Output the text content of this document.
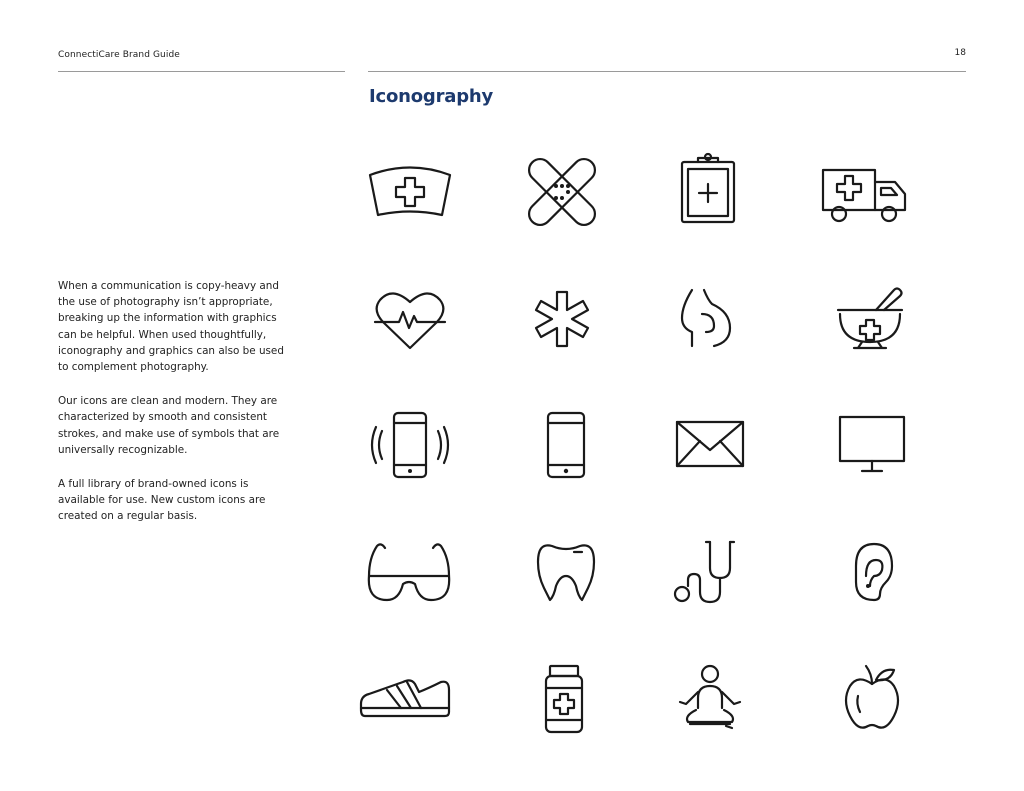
ConnectiCare Brand Guide	18
Iconography

When a communication is copy-heavy and the use of photography isn’t appropriate, breaking up the information with graphics can be helpful. When used thoughtfully, iconography and graphics can also be used to complement photography.

Our icons are clean and modern. They are characterized by smooth and consistent strokes, and make use of symbols that are universally recognizable.

A full library of brand-owned icons is available for use. New custom icons are created on a regular basis.
